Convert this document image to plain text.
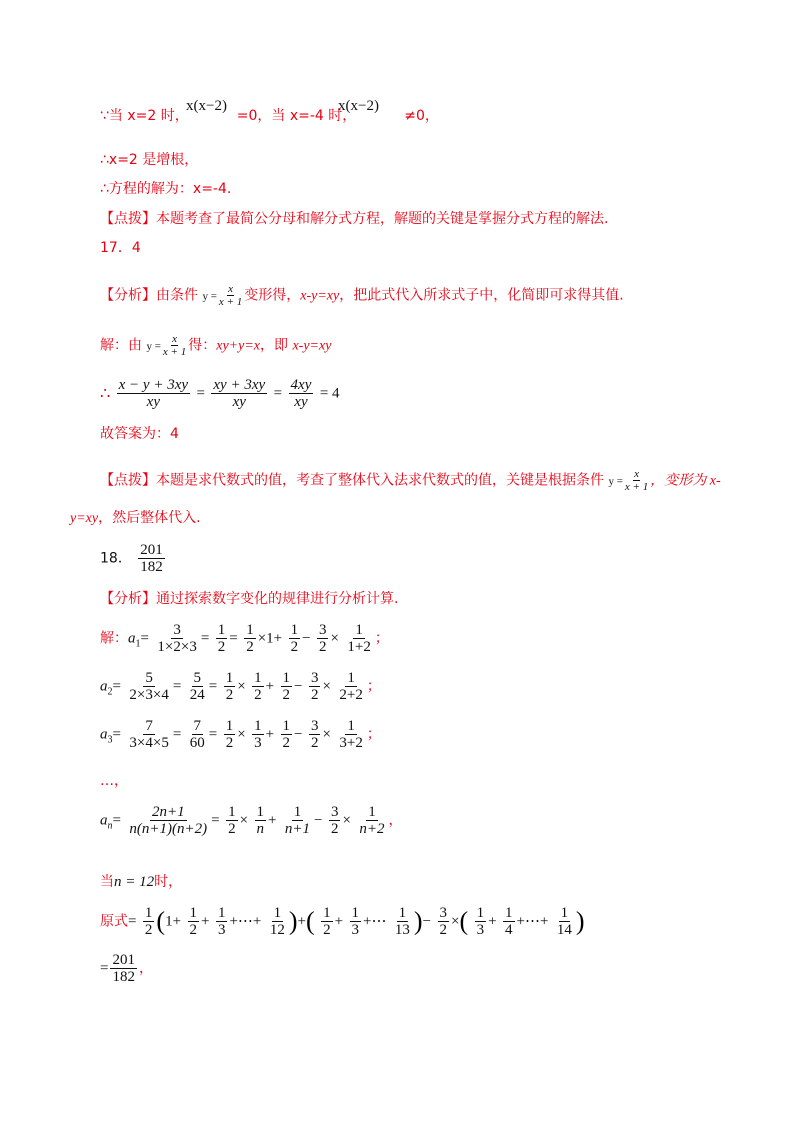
∵当 x=2 时，
x(x−2)
=0，当 x=-4 时，
x(x−2)
≠0，
∴x=2 是增根，
∴方程的解为：x=-4.
【点拨】本题考查了最简公分母和解分式方程，解题的关键是掌握分式方程的解法.
17．4
【分析】由条件 $y = \frac{x}{x + 1}$ 变形得，x-y=xy，把此式代入所求式子中，化简即可求得其值.
解：由 $y = \frac{x}{x + 1}$ 得：xy+y=x，即 x-y=xy
∴ $\frac{x - y + 3xy}{xy} = \frac{xy + 3xy}{xy} = \frac{4xy}{xy} = 4$
故答案为：4
【点拨】本题是求代数式的值，考查了整体代入法求代数式的值，关键是根据条件 $y = \frac{x}{x + 1}$ ，变形为 x-
y=xy，然后整体代入.
18． $\frac{201}{182}$
【分析】通过探索数字变化的规律进行分析计算.
解：$a_1= \frac{3}{1\times 2\times 3} = \frac{1}{2} = \frac{1}{2} \times 1+ \frac{1}{2} - \frac{3}{2} \times \frac{1}{1+2}$ ；
$a_2= \frac{5}{2\times 3\times 4} = \frac{5}{24} = \frac{1}{2} \times \frac{1}{2} + \frac{1}{2} - \frac{3}{2} \times \frac{1}{2+2}$ ；
$a_3= \frac{7}{3\times 4\times 5} = \frac{7}{60} = \frac{1}{2} \times \frac{1}{3} + \frac{1}{2} - \frac{3}{2} \times \frac{1}{3+2}$ ；
…，
$a_n= \frac{2n+1}{n(n+1)(n+2)} = \frac{1}{2} \times \frac{1}{n} + \frac{1}{n+1} - \frac{3}{2} \times \frac{1}{n+2}$ ，
当n = 12时，
原式= $\frac{1}{2} (1+ \frac{1}{2} + \frac{1}{3}$ +⋯+ $\frac{1}{12}$ )+( $\frac{1}{2} + \frac{1}{3}$ +⋯ $\frac{1}{13}$ )− $\frac{3}{2}$ ×( $\frac{1}{3} + \frac{1}{4}$ +⋯+ $\frac{1}{14}$ )
= $\frac{201}{182}$ ，
